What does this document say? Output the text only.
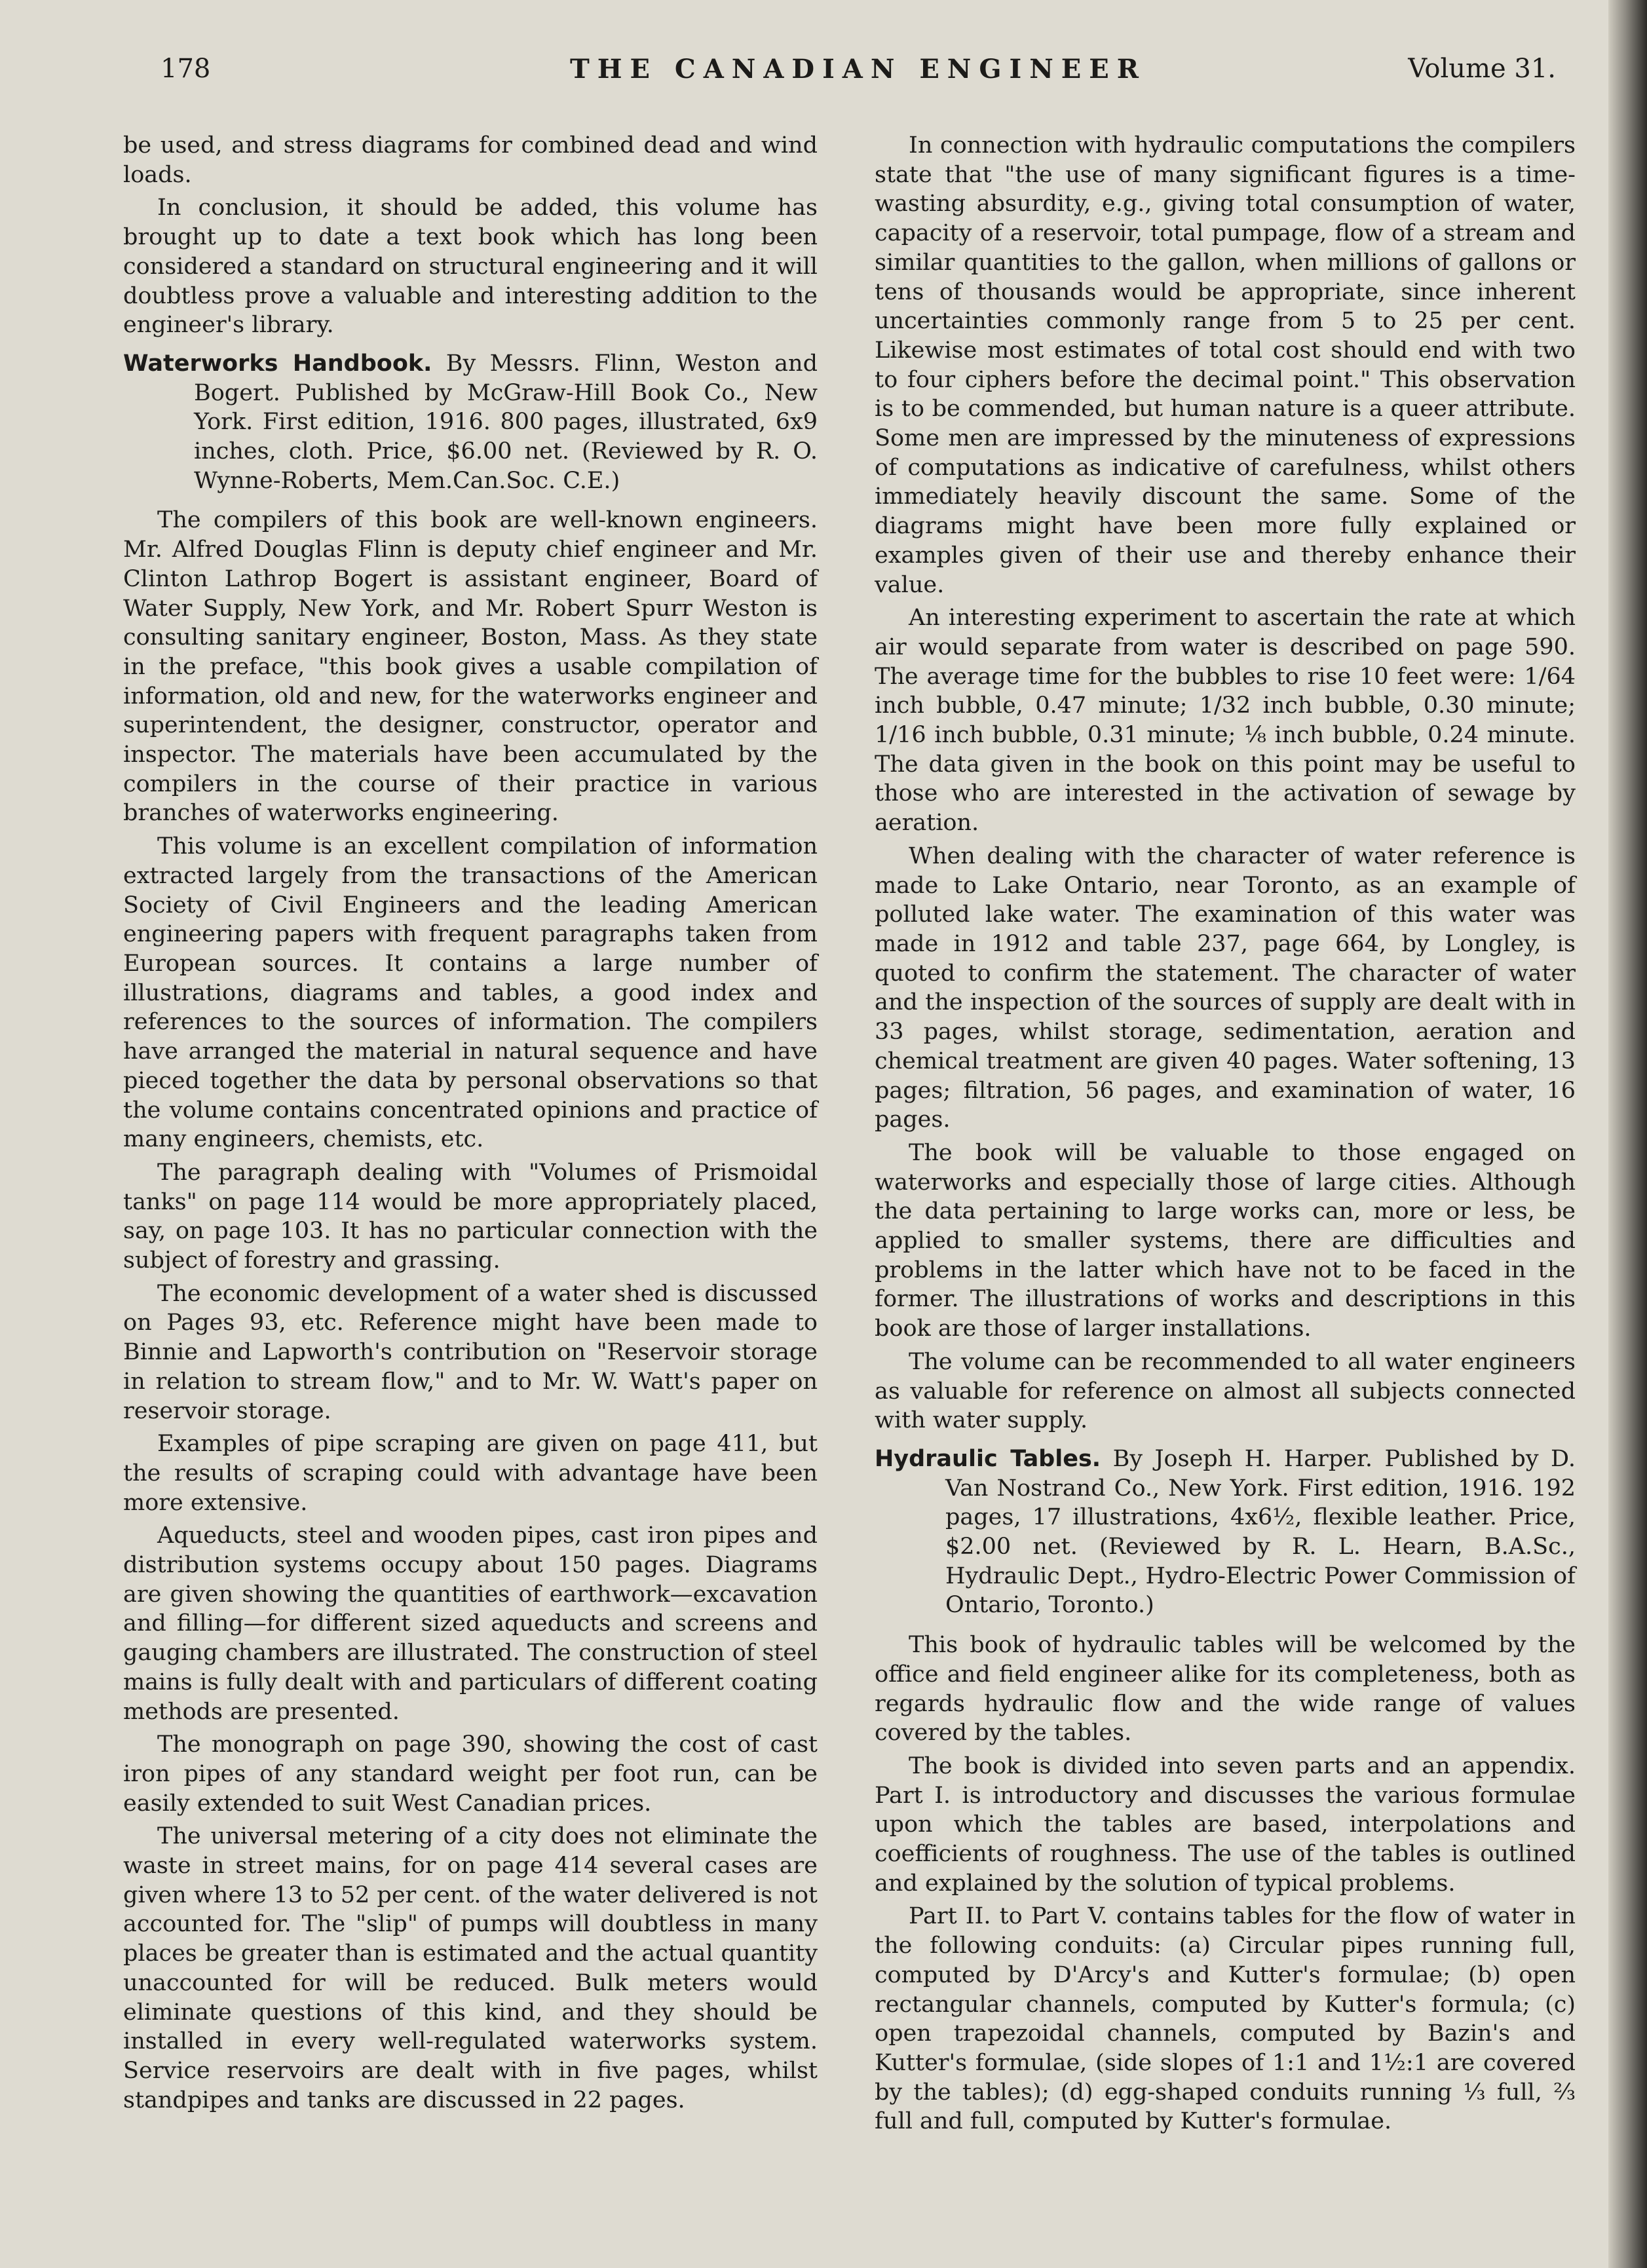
178	THE CANADIAN ENGINEER	Volume 31.

be used, and stress diagrams for combined dead and wind loads.

In conclusion, it should be added, this volume has brought up to date a text book which has long been considered a standard on structural engineering and it will doubtless prove a valuable and interesting addition to the engineer's library.

Waterworks Handbook. By Messrs. Flinn, Weston and Bogert. Published by McGraw-Hill Book Co., New York. First edition, 1916. 800 pages, illustrated, 6x9 inches, cloth. Price, $6.00 net. (Reviewed by R. O. Wynne-Roberts, Mem.Can.Soc. C.E.)

The compilers of this book are well-known engineers. Mr. Alfred Douglas Flinn is deputy chief engineer and Mr. Clinton Lathrop Bogert is assistant engineer, Board of Water Supply, New York, and Mr. Robert Spurr Weston is consulting sanitary engineer, Boston, Mass. As they state in the preface, "this book gives a usable compilation of information, old and new, for the waterworks engineer and superintendent, the designer, constructor, operator and inspector. The materials have been accumulated by the compilers in the course of their practice in various branches of waterworks engineering.

This volume is an excellent compilation of information extracted largely from the transactions of the American Society of Civil Engineers and the leading American engineering papers with frequent paragraphs taken from European sources. It contains a large number of illustrations, diagrams and tables, a good index and references to the sources of information. The compilers have arranged the material in natural sequence and have pieced together the data by personal observations so that the volume contains concentrated opinions and practice of many engineers, chemists, etc.

The paragraph dealing with "Volumes of Prismoidal tanks" on page 114 would be more appropriately placed, say, on page 103. It has no particular connection with the subject of forestry and grassing.

The economic development of a water shed is discussed on Pages 93, etc. Reference might have been made to Binnie and Lapworth's contribution on "Reservoir storage in relation to stream flow," and to Mr. W. Watt's paper on reservoir storage.

Examples of pipe scraping are given on page 411, but the results of scraping could with advantage have been more extensive.

Aqueducts, steel and wooden pipes, cast iron pipes and distribution systems occupy about 150 pages. Diagrams are given showing the quantities of earthwork—excavation and filling—for different sized aqueducts and screens and gauging chambers are illustrated. The construction of steel mains is fully dealt with and particulars of different coating methods are presented.

The monograph on page 390, showing the cost of cast iron pipes of any standard weight per foot run, can be easily extended to suit West Canadian prices.

The universal metering of a city does not eliminate the waste in street mains, for on page 414 several cases are given where 13 to 52 per cent. of the water delivered is not accounted for. The "slip" of pumps will doubtless in many places be greater than is estimated and the actual quantity unaccounted for will be reduced. Bulk meters would eliminate questions of this kind, and they should be installed in every well-regulated waterworks system. Service reservoirs are dealt with in five pages, whilst standpipes and tanks are discussed in 22 pages.

In connection with hydraulic computations the compilers state that "the use of many significant figures is a time-wasting absurdity, e.g., giving total consumption of water, capacity of a reservoir, total pumpage, flow of a stream and similar quantities to the gallon, when millions of gallons or tens of thousands would be appropriate, since inherent uncertainties commonly range from 5 to 25 per cent. Likewise most estimates of total cost should end with two to four ciphers before the decimal point." This observation is to be commended, but human nature is a queer attribute. Some men are impressed by the minuteness of expressions of computations as indicative of carefulness, whilst others immediately heavily discount the same. Some of the diagrams might have been more fully explained or examples given of their use and thereby enhance their value.

An interesting experiment to ascertain the rate at which air would separate from water is described on page 590. The average time for the bubbles to rise 10 feet were: 1/64 inch bubble, 0.47 minute; 1/32 inch bubble, 0.30 minute; 1/16 inch bubble, 0.31 minute; ⅛ inch bubble, 0.24 minute. The data given in the book on this point may be useful to those who are interested in the activation of sewage by aeration.

When dealing with the character of water reference is made to Lake Ontario, near Toronto, as an example of polluted lake water. The examination of this water was made in 1912 and table 237, page 664, by Longley, is quoted to confirm the statement. The character of water and the inspection of the sources of supply are dealt with in 33 pages, whilst storage, sedimentation, aeration and chemical treatment are given 40 pages. Water softening, 13 pages; filtration, 56 pages, and examination of water, 16 pages.

The book will be valuable to those engaged on waterworks and especially those of large cities. Although the data pertaining to large works can, more or less, be applied to smaller systems, there are difficulties and problems in the latter which have not to be faced in the former. The illustrations of works and descriptions in this book are those of larger installations.

The volume can be recommended to all water engineers as valuable for reference on almost all subjects connected with water supply.

Hydraulic Tables. By Joseph H. Harper. Published by D. Van Nostrand Co., New York. First edition, 1916. 192 pages, 17 illustrations, 4x6½, flexible leather. Price, $2.00 net. (Reviewed by R. L. Hearn, B.A.Sc., Hydraulic Dept., Hydro-Electric Power Commission of Ontario, Toronto.)

This book of hydraulic tables will be welcomed by the office and field engineer alike for its completeness, both as regards hydraulic flow and the wide range of values covered by the tables.

The book is divided into seven parts and an appendix. Part I. is introductory and discusses the various formulae upon which the tables are based, interpolations and coefficients of roughness. The use of the tables is outlined and explained by the solution of typical problems.

Part II. to Part V. contains tables for the flow of water in the following conduits: (a) Circular pipes running full, computed by D'Arcy's and Kutter's formulae; (b) open rectangular channels, computed by Kutter's formula; (c) open trapezoidal channels, computed by Bazin's and Kutter's formulae, (side slopes of 1:1 and 1½:1 are covered by the tables); (d) egg-shaped conduits running ⅓ full, ⅔ full and full, computed by Kutter's formulae.
